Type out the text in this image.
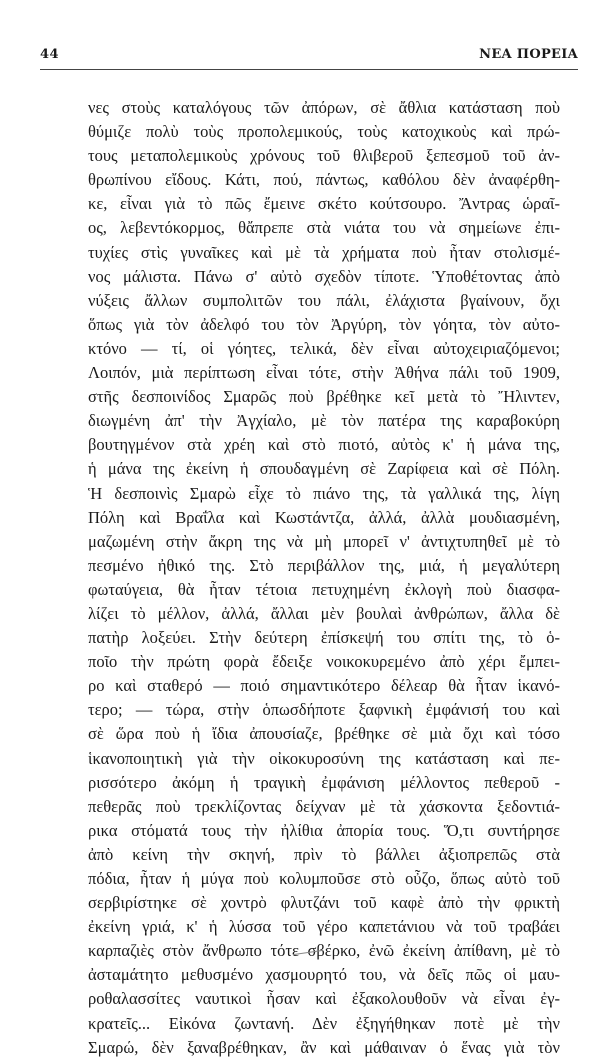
44	ΝΕΑ ΠΟΡΕΙΑ
νες στοὺς καταλόγους τῶν ἀπόρων, σὲ ἄθλια κατάσταση ποὺ
θύμιζε πολὺ τοὺς προπολεμικούς, τοὺς κατοχικοὺς καὶ πρώ-
τους μεταπολεμικοὺς χρόνους τοῦ θλιβεροῦ ξεπεσμοῦ τοῦ ἀν-
θρωπίνου εἴδους. Κάτι, πού, πάντως, καθόλου δὲν ἀναφέρθη-
κε, εἶναι γιὰ τὸ πῶς ἔμεινε σκέτο κούτσουρο. Ἄντρας ὡραῖ-
ος, λεβεντόκορμος, θἄπρεπε στὰ νιάτα του νὰ σημείωνε ἐπι-
τυχίες στὶς γυναῖκες καὶ μὲ τὰ χρήματα ποὺ ἦταν στολισμέ-
νος μάλιστα. Πάνω σ' αὐτὸ σχεδὸν τίποτε. Ὑποθέτοντας ἀπὸ
νύξεις ἄλλων συμπολιτῶν του πάλι, ἐλάχιστα βγαίνουν, ὄχι
ὅπως γιὰ τὸν ἀδελφό του τὸν Ἀργύρη, τὸν γόητα, τὸν αὐτο-
κτόνο — τί, οἱ γόητες, τελικά, δὲν εἶναι αὐτοχειριαζόμενοι;
Λοιπόν, μιὰ περίπτωση εἶναι τότε, στὴν Ἀθήνα πάλι τοῦ 1909,
στῆς δεσποινίδος Σμαρῶς ποὺ βρέθηκε κεῖ μετὰ τὸ Ἤλιντεν,
διωγμένη ἀπ' τὴν Ἀγχίαλο, μὲ τὸν πατέρα της καραβοκύρη
βουτηγμένον στὰ χρέη καὶ στὸ πιοτό, αὐτὸς κ' ἡ μάνα της,
ἡ μάνα της ἐκείνη ἡ σπουδαγμένη σὲ Ζαρίφεια καὶ σὲ Πόλη.
Ἡ δεσποινὶς Σμαρὼ εἶχε τὸ πιάνο της, τὰ γαλλικά της, λίγη
Πόλη καὶ Βραΐλα καὶ Κωστάντζα, ἀλλά, ἀλλὰ μουδιασμένη,
μαζωμένη στὴν ἄκρη της νὰ μὴ μπορεῖ ν' ἀντιχτυπηθεῖ μὲ τὸ
πεσμένο ἠθικό της. Στὸ περιβάλλον της, μιά, ἡ μεγαλύτερη
φωταύγεια, θὰ ἦταν τέτοια πετυχημένη ἐκλογὴ ποὺ διασφα-
λίζει τὸ μέλλον, ἀλλά, ἄλλαι μὲν βουλαὶ ἀνθρώπων, ἄλλα δὲ
πατὴρ λοξεύει. Στὴν δεύτερη ἐπίσκεψή του σπίτι της, τὸ ὁ-
ποῖο τὴν πρώτη φορὰ ἔδειξε νοικοκυρεμένο ἀπὸ χέρι ἔμπει-
ρο καὶ σταθερό — ποιό σημαντικότερο δέλεαρ θὰ ἦταν ἱκανό-
τερο; — τώρα, στὴν ὁπωσδήποτε ξαφνικὴ ἐμφάνισή του καὶ
σὲ ὥρα ποὺ ἡ ἴδια ἀπουσίαζε, βρέθηκε σὲ μιὰ ὄχι καὶ τόσο
ἱκανοποιητικὴ γιὰ τὴν οἰκοκυροσύνη της κατάσταση καὶ πε-
ρισσότερο ἀκόμη ἡ τραγικὴ ἐμφάνιση μέλλοντος πεθεροῦ -
πεθερᾶς ποὺ τρεκλίζοντας δείχναν μὲ τὰ χάσκοντα ξεδοντιά-
ρικα στόματά τους τὴν ἠλίθια ἀπορία τους. Ὅ,τι συντήρησε
ἀπὸ κείνη τὴν σκηνή, πρὶν τὸ βάλλει ἀξιοπρεπῶς στὰ
πόδια, ἦταν ἡ μύγα ποὺ κολυμποῦσε στὸ οὖζο, ὅπως αὐτὸ τοῦ
σερβιρίστηκε σὲ χοντρὸ φλυτζάνι τοῦ καφὲ ἀπὸ τὴν φρικτὴ
ἐκείνη γριά, κ' ἡ λύσσα τοῦ γέρο καπετάνιου νὰ τοῦ τραβάει
καρπαζιὲς στὸν ἄνθρωπο τότε σβέρκο, ἐνῶ ἐκείνη ἀπίθανη, μὲ τὸ
ἀσταμάτητο μεθυσμένο χασμουρητό του, νὰ δεῖς πῶς οἱ μαυ-
ροθαλασσίτες ναυτικοὶ ἦσαν καὶ ἐξακολουθοῦν νὰ εἶναι ἐγ-
κρατεῖς... Εἰκόνα ζωντανή. Δὲν ἐξηγήθηκαν ποτὲ μὲ τὴν
Σμαρώ, δὲν ξαναβρέθηκαν, ἂν καὶ μάθαιναν ὁ ἕνας γιὰ τὸν
